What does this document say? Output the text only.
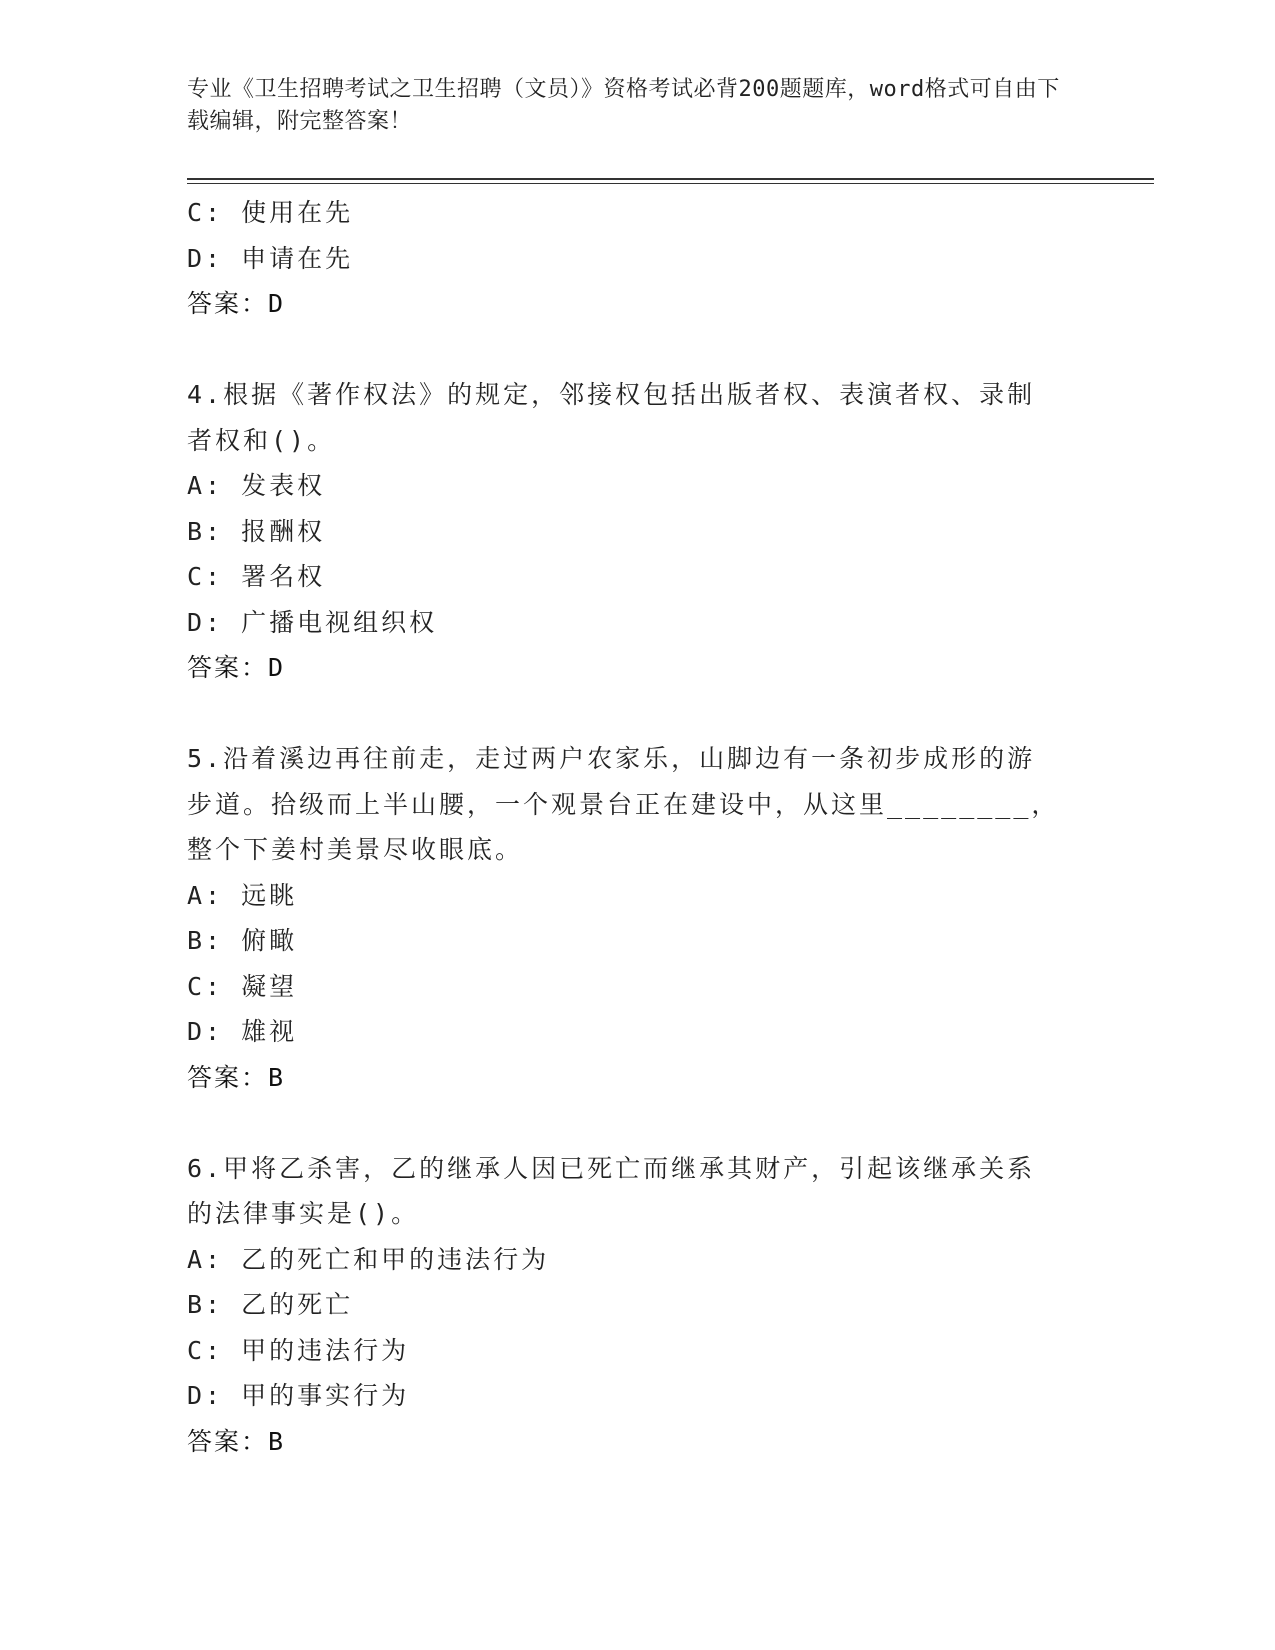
专业《卫生招聘考试之卫生招聘（文员）》资格考试必背200题题库，word格式可自由下载编辑，附完整答案！
C: 使用在先
D: 申请在先
答案：D
4.根据《著作权法》的规定，邻接权包括出版者权、表演者权、录制
者权和()。
A: 发表权
B: 报酬权
C: 署名权
D: 广播电视组织权
答案：D
5.沿着溪边再往前走，走过两户农家乐，山脚边有一条初步成形的游
步道。拾级而上半山腰，一个观景台正在建设中，从这里________，
整个下姜村美景尽收眼底。
A: 远眺
B: 俯瞰
C: 凝望
D: 雄视
答案：B
6.甲将乙杀害，乙的继承人因已死亡而继承其财产，引起该继承关系
的法律事实是()。
A: 乙的死亡和甲的违法行为
B: 乙的死亡
C: 甲的违法行为
D: 甲的事实行为
答案：B
